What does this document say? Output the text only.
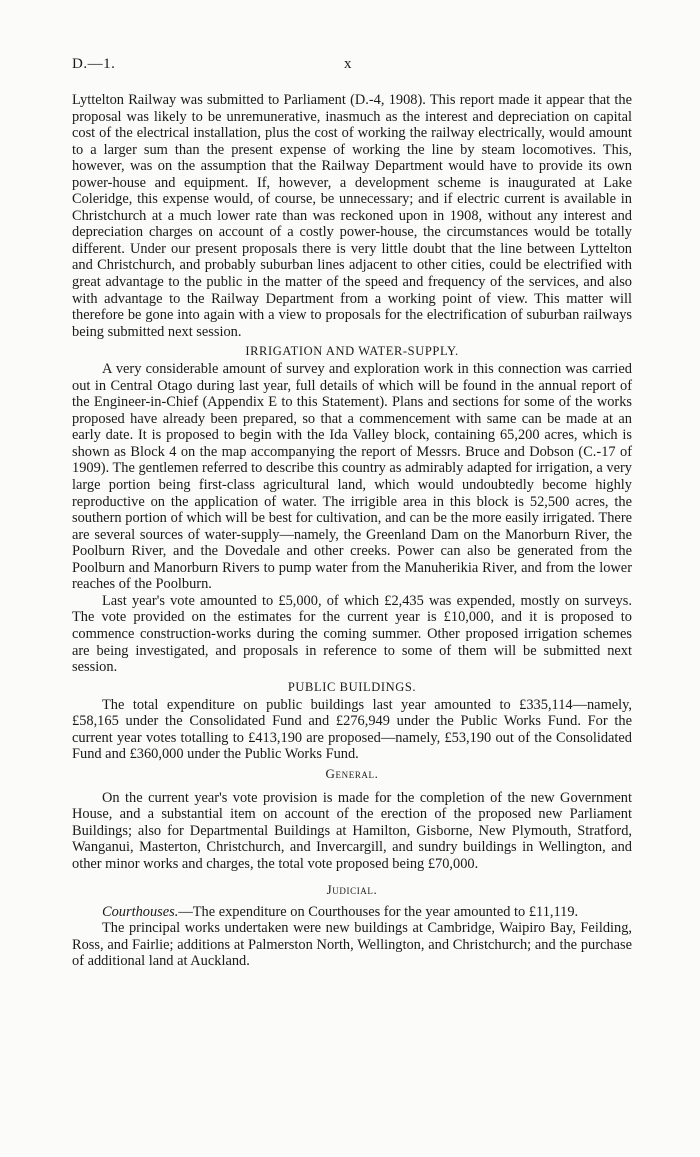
D.—1.	x

Lyttelton Railway was submitted to Parliament (D.-4, 1908). This report made it appear that the proposal was likely to be unremunerative, inasmuch as the interest and depreciation on capital cost of the electrical installation, plus the cost of working the railway electrically, would amount to a larger sum than the present expense of working the line by steam locomotives. This, however, was on the assumption that the Railway Department would have to provide its own power-house and equipment. If, however, a development scheme is inaugurated at Lake Coleridge, this expense would, of course, be unnecessary; and if electric current is available in Christchurch at a much lower rate than was reckoned upon in 1908, without any interest and depreciation charges on account of a costly power-house, the circumstances would be totally different. Under our present proposals there is very little doubt that the line between Lyttelton and Christchurch, and probably suburban lines adjacent to other cities, could be electrified with great advantage to the public in the matter of the speed and frequency of the services, and also with advantage to the Railway Department from a working point of view. This matter will therefore be gone into again with a view to proposals for the electrification of suburban railways being submitted next session.

IRRIGATION AND WATER-SUPPLY.

A very considerable amount of survey and exploration work in this connection was carried out in Central Otago during last year, full details of which will be found in the annual report of the Engineer-in-Chief (Appendix E to this Statement). Plans and sections for some of the works proposed have already been prepared, so that a commencement with same can be made at an early date. It is proposed to begin with the Ida Valley block, containing 65,200 acres, which is shown as Block 4 on the map accompanying the report of Messrs. Bruce and Dobson (C.-17 of 1909). The gentlemen referred to describe this country as admirably adapted for irrigation, a very large portion being first-class agricultural land, which would undoubtedly become highly reproductive on the application of water. The irrigible area in this block is 52,500 acres, the southern portion of which will be best for cultivation, and can be the more easily irrigated. There are several sources of water-supply—namely, the Greenland Dam on the Manorburn River, the Poolburn River, and the Dovedale and other creeks. Power can also be generated from the Poolburn and Manorburn Rivers to pump water from the Manuherikia River, and from the lower reaches of the Poolburn.

Last year's vote amounted to £5,000, of which £2,435 was expended, mostly on surveys. The vote provided on the estimates for the current year is £10,000, and it is proposed to commence construction-works during the coming summer. Other proposed irrigation schemes are being investigated, and proposals in reference to some of them will be submitted next session.

PUBLIC BUILDINGS.

The total expenditure on public buildings last year amounted to £335,114—namely, £58,165 under the Consolidated Fund and £276,949 under the Public Works Fund. For the current year votes totalling to £413,190 are proposed—namely, £53,190 out of the Consolidated Fund and £360,000 under the Public Works Fund.

General.

On the current year's vote provision is made for the completion of the new Government House, and a substantial item on account of the erection of the proposed new Parliament Buildings; also for Departmental Buildings at Hamilton, Gisborne, New Plymouth, Stratford, Wanganui, Masterton, Christchurch, and Invercargill, and sundry buildings in Wellington, and other minor works and charges, the total vote proposed being £70,000.

Judicial.

Courthouses.—The expenditure on Courthouses for the year amounted to £11,119.

The principal works undertaken were new buildings at Cambridge, Waipiro Bay, Feilding, Ross, and Fairlie; additions at Palmerston North, Wellington, and Christchurch; and the purchase of additional land at Auckland.
